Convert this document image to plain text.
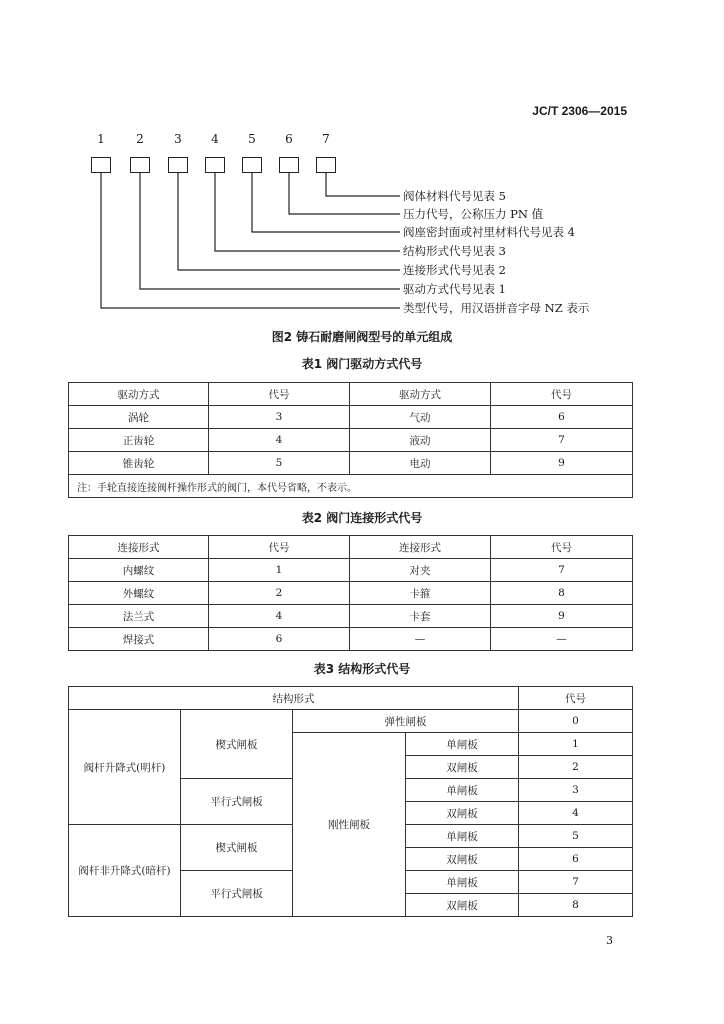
JC/T 2306—2015
1	2	3	4	5	6	7
阀体材料代号见表 5
压力代号，公称压力 PN 值
阀座密封面或衬里材料代号见表 4
结构形式代号见表 3
连接形式代号见表 2
驱动方式代号见表 1
类型代号，用汉语拼音字母 NZ 表示
图2 铸石耐磨闸阀型号的单元组成
表1 阀门驱动方式代号
驱动方式	代号	驱动方式	代号
涡轮	3	气动	6
正齿轮	4	液动	7
锥齿轮	5	电动	9
注：手轮直接连接阀杆操作形式的阀门，本代号省略，不表示。			
表2 阀门连接形式代号
连接形式	代号	连接形式	代号
内螺纹	1	对夹	7
外螺纹	2	卡箍	8
法兰式	4	卡套	9
焊接式	6	—	—
表3 结构形式代号
结构形式				代号
阀杆升降式(明杆)	楔式闸板	弹性闸板		0
		刚性闸板	单闸板	1
			双闸板	2
	平行式闸板		单闸板	3
			双闸板	4
阀杆非升降式(暗杆)	楔式闸板		单闸板	5
			双闸板	6
	平行式闸板		单闸板	7
			双闸板	8
3
